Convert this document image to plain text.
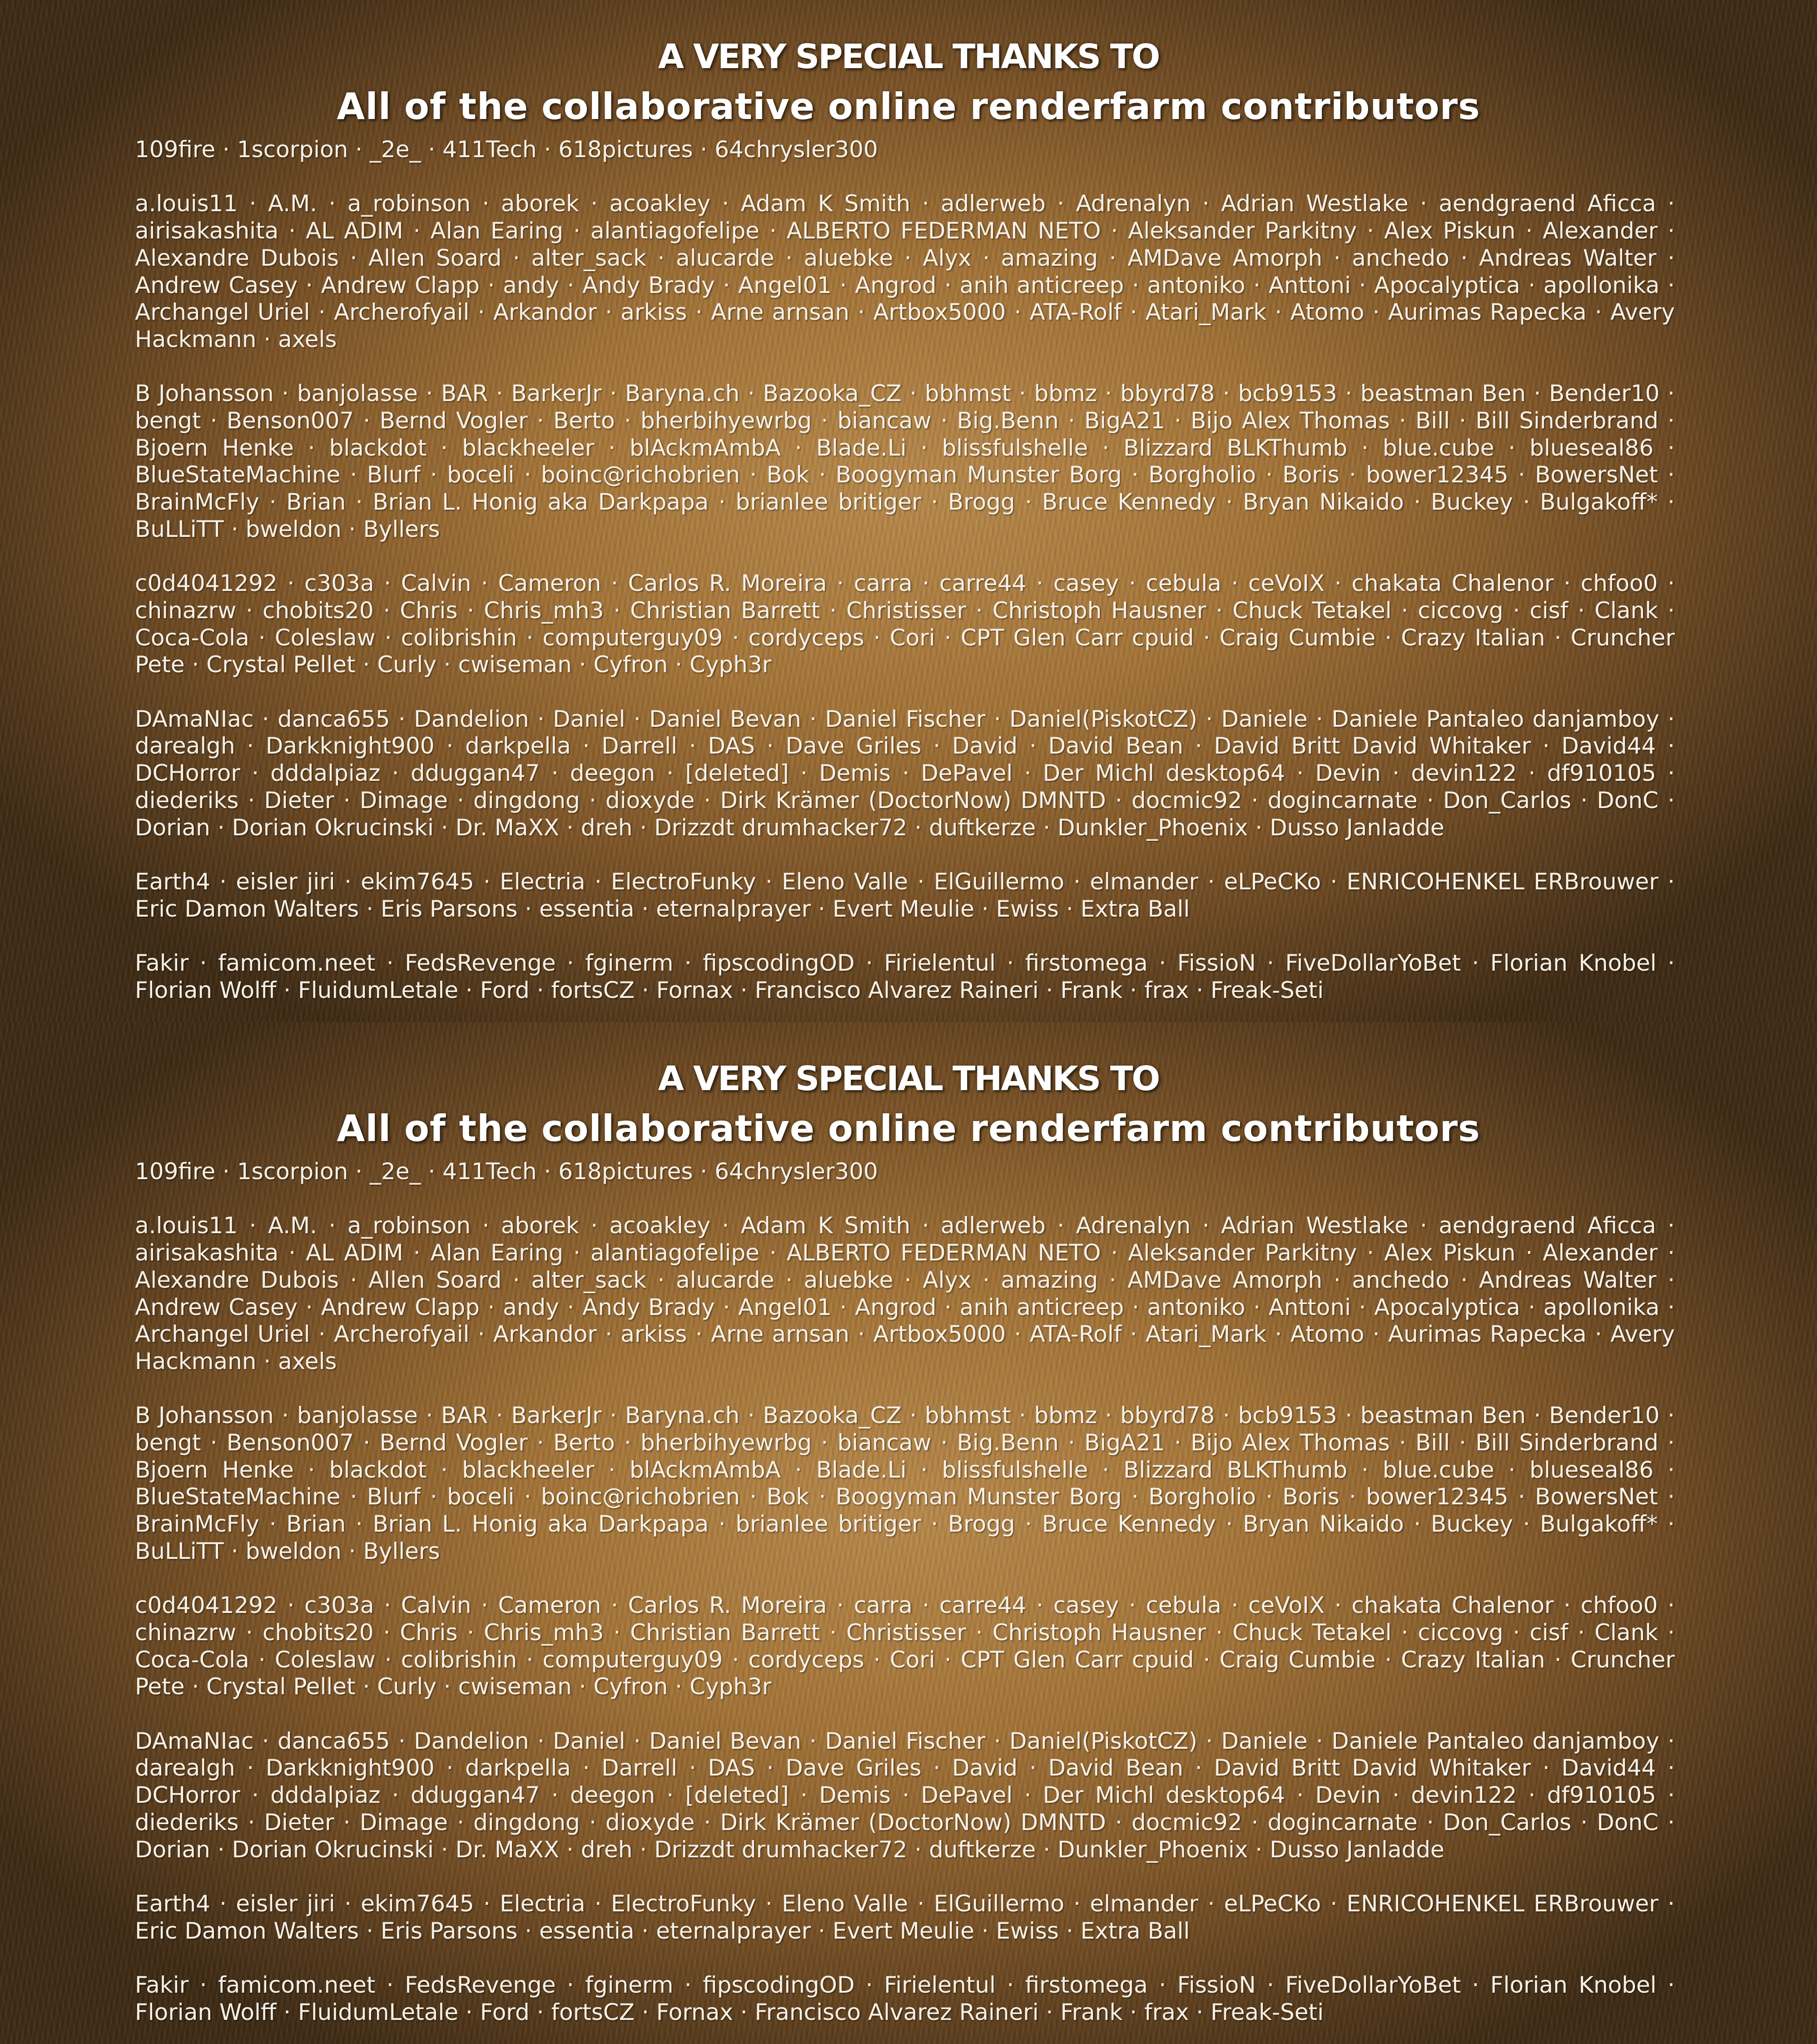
A VERY SPECIAL THANKS TO
All of the collaborative online renderfarm contributors

109fire · 1scorpion · _2e_ · 411Tech · 618pictures · 64chrysler300

a.louis11 · A.M. · a_robinson · aborek · acoakley · Adam K Smith · adlerweb · Adrenalyn · Adrian Westlake · aendgraend Aficca · airisakashita · AL ADIM · Alan Earing · alantiagofelipe · ALBERTO FEDERMAN NETO · Aleksander Parkitny · Alex Piskun · Alexander · Alexandre Dubois · Allen Soard · alter_sack · alucarde · aluebke · Alyx · amazing · AMDave Amorph · anchedo · Andreas Walter · Andrew Casey · Andrew Clapp · andy · Andy Brady · Angel01 · Angrod · anih anticreep · antoniko · Anttoni · Apocalyptica · apollonika · Archangel Uriel · Archerofyail · Arkandor · arkiss · Arne arnsan · Artbox5000 · ATA-Rolf · Atari_Mark · Atomo · Aurimas Rapecka · Avery Hackmann · axels

B Johansson · banjolasse · BAR · BarkerJr · Baryna.ch · Bazooka_CZ · bbhmst · bbmz · bbyrd78 · bcb9153 · beastman Ben · Bender10 · bengt · Benson007 · Bernd Vogler · Berto · bherbihyewrbg · biancaw · Big.Benn · BigA21 · Bijo Alex Thomas · Bill · Bill Sinderbrand · Bjoern Henke · blackdot · blackheeler · blAckmAmbA · Blade.Li · blissfulshelle · Blizzard BLKThumb · blue.cube · blueseal86 · BlueStateMachine · Blurf · boceli · boinc@richobrien · Bok · Boogyman Munster Borg · Borgholio · Boris · bower12345 · BowersNet · BrainMcFly · Brian · Brian L. Honig aka Darkpapa · brianlee britiger · Brogg · Bruce Kennedy · Bryan Nikaido · Buckey · Bulgakoff* · BuLLiTT · bweldon · Byllers

c0d4041292 · c303a · Calvin · Cameron · Carlos R. Moreira · carra · carre44 · casey · cebula · ceVoIX · chakata Chalenor · chfoo0 · chinazrw · chobits20 · Chris · Chris_mh3 · Christian Barrett · Christisser · Christoph Hausner · Chuck Tetakel · ciccovg · cisf · Clank · Coca-Cola · Coleslaw · colibrishin · computerguy09 · cordyceps · Cori · CPT Glen Carr cpuid · Craig Cumbie · Crazy Italian · Cruncher Pete · Crystal Pellet · Curly · cwiseman · Cyfron · Cyph3r

DAmaNIac · danca655 · Dandelion · Daniel · Daniel Bevan · Daniel Fischer · Daniel(PiskotCZ) · Daniele · Daniele Pantaleo danjamboy · darealgh · Darkknight900 · darkpella · Darrell · DAS · Dave Griles · David · David Bean · David Britt David Whitaker · David44 · DCHorror · dddalpiaz · dduggan47 · deegon · [deleted] · Demis · DePavel · Der Michl desktop64 · Devin · devin122 · df910105 · diederiks · Dieter · Dimage · dingdong · dioxyde · Dirk Krämer (DoctorNow) DMNTD · docmic92 · dogincarnate · Don_Carlos · DonC · Dorian · Dorian Okrucinski · Dr. MaXX · dreh · Drizzdt drumhacker72 · duftkerze · Dunkler_Phoenix · Dusso Janladde

Earth4 · eisler jiri · ekim7645 · Electria · ElectroFunky · Eleno Valle · ElGuillermo · elmander · eLPeCKo · ENRICOHENKEL ERBrouwer · Eric Damon Walters · Eris Parsons · essentia · eternalprayer · Evert Meulie · Ewiss · Extra Ball

Fakir · famicom.neet · FedsRevenge · fginerm · fipscodingOD · Firielentul · firstomega · FissioN · FiveDollarYoBet · Florian Knobel · Florian Wolff · FluidumLetale · Ford · fortsCZ · Fornax · Francisco Alvarez Raineri · Frank · frax · Freak-Seti

A VERY SPECIAL THANKS TO
All of the collaborative online renderfarm contributors

109fire · 1scorpion · _2e_ · 411Tech · 618pictures · 64chrysler300

a.louis11 · A.M. · a_robinson · aborek · acoakley · Adam K Smith · adlerweb · Adrenalyn · Adrian Westlake · aendgraend Aficca · airisakashita · AL ADIM · Alan Earing · alantiagofelipe · ALBERTO FEDERMAN NETO · Aleksander Parkitny · Alex Piskun · Alexander · Alexandre Dubois · Allen Soard · alter_sack · alucarde · aluebke · Alyx · amazing · AMDave Amorph · anchedo · Andreas Walter · Andrew Casey · Andrew Clapp · andy · Andy Brady · Angel01 · Angrod · anih anticreep · antoniko · Anttoni · Apocalyptica · apollonika · Archangel Uriel · Archerofyail · Arkandor · arkiss · Arne arnsan · Artbox5000 · ATA-Rolf · Atari_Mark · Atomo · Aurimas Rapecka · Avery Hackmann · axels

B Johansson · banjolasse · BAR · BarkerJr · Baryna.ch · Bazooka_CZ · bbhmst · bbmz · bbyrd78 · bcb9153 · beastman Ben · Bender10 · bengt · Benson007 · Bernd Vogler · Berto · bherbihyewrbg · biancaw · Big.Benn · BigA21 · Bijo Alex Thomas · Bill · Bill Sinderbrand · Bjoern Henke · blackdot · blackheeler · blAckmAmbA · Blade.Li · blissfulshelle · Blizzard BLKThumb · blue.cube · blueseal86 · BlueStateMachine · Blurf · boceli · boinc@richobrien · Bok · Boogyman Munster Borg · Borgholio · Boris · bower12345 · BowersNet · BrainMcFly · Brian · Brian L. Honig aka Darkpapa · brianlee britiger · Brogg · Bruce Kennedy · Bryan Nikaido · Buckey · Bulgakoff* · BuLLiTT · bweldon · Byllers

c0d4041292 · c303a · Calvin · Cameron · Carlos R. Moreira · carra · carre44 · casey · cebula · ceVoIX · chakata Chalenor · chfoo0 · chinazrw · chobits20 · Chris · Chris_mh3 · Christian Barrett · Christisser · Christoph Hausner · Chuck Tetakel · ciccovg · cisf · Clank · Coca-Cola · Coleslaw · colibrishin · computerguy09 · cordyceps · Cori · CPT Glen Carr cpuid · Craig Cumbie · Crazy Italian · Cruncher Pete · Crystal Pellet · Curly · cwiseman · Cyfron · Cyph3r

DAmaNIac · danca655 · Dandelion · Daniel · Daniel Bevan · Daniel Fischer · Daniel(PiskotCZ) · Daniele · Daniele Pantaleo danjamboy · darealgh · Darkknight900 · darkpella · Darrell · DAS · Dave Griles · David · David Bean · David Britt David Whitaker · David44 · DCHorror · dddalpiaz · dduggan47 · deegon · [deleted] · Demis · DePavel · Der Michl desktop64 · Devin · devin122 · df910105 · diederiks · Dieter · Dimage · dingdong · dioxyde · Dirk Krämer (DoctorNow) DMNTD · docmic92 · dogincarnate · Don_Carlos · DonC · Dorian · Dorian Okrucinski · Dr. MaXX · dreh · Drizzdt drumhacker72 · duftkerze · Dunkler_Phoenix · Dusso Janladde

Earth4 · eisler jiri · ekim7645 · Electria · ElectroFunky · Eleno Valle · ElGuillermo · elmander · eLPeCKo · ENRICOHENKEL ERBrouwer · Eric Damon Walters · Eris Parsons · essentia · eternalprayer · Evert Meulie · Ewiss · Extra Ball

Fakir · famicom.neet · FedsRevenge · fginerm · fipscodingOD · Firielentul · firstomega · FissioN · FiveDollarYoBet · Florian Knobel · Florian Wolff · FluidumLetale · Ford · fortsCZ · Fornax · Francisco Alvarez Raineri · Frank · frax · Freak-Seti
